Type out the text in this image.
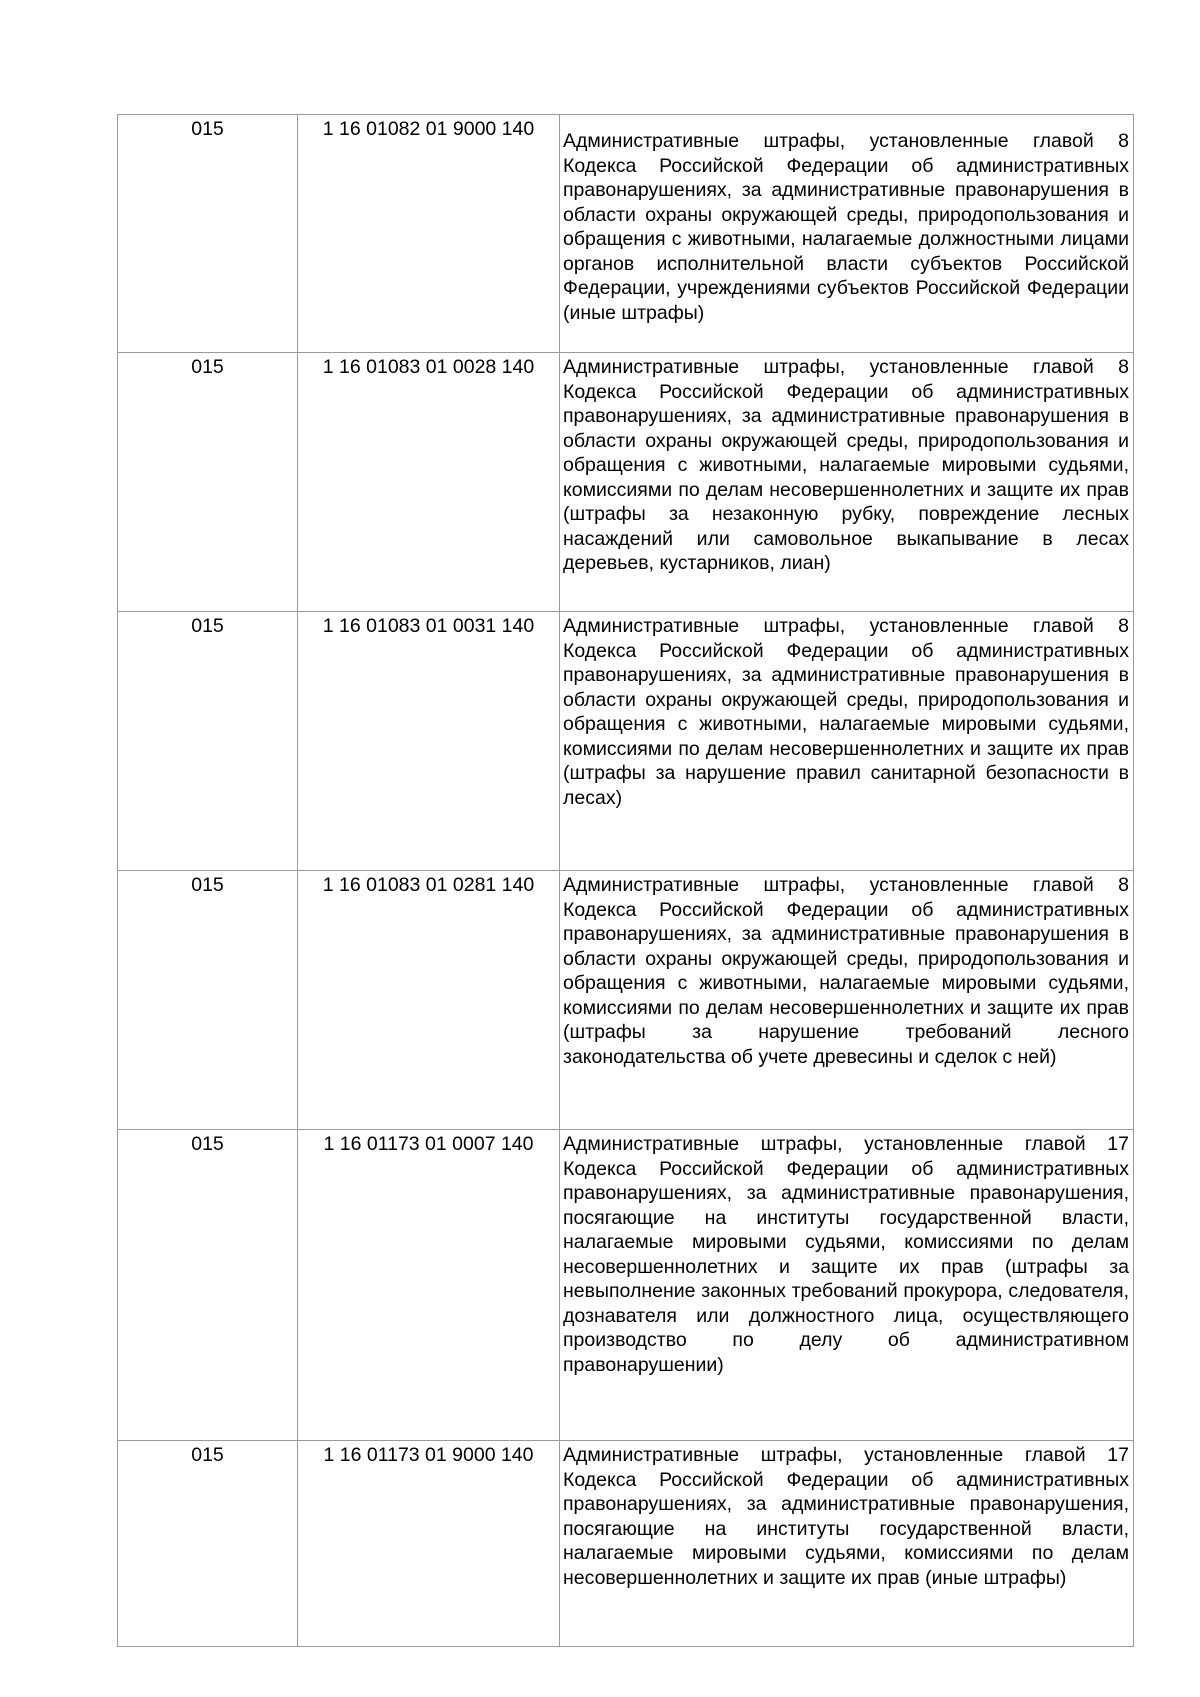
015	1 16 01082 01 9000 140	Административные штрафы, установленные главой 8 Кодекса Российской Федерации об административных правонарушениях, за административные правонарушения в области охраны окружающей среды, природопользования и обращения с животными, налагаемые должностными лицами органов исполнительной власти субъектов Российской Федерации, учреждениями субъектов Российской Федерации (иные штрафы)

015	1 16 01083 01 0028 140	Административные штрафы, установленные главой 8 Кодекса Российской Федерации об административных правонарушениях, за административные правонарушения в области охраны окружающей среды, природопользования и обращения с животными, налагаемые мировыми судьями, комиссиями по делам несовершеннолетних и защите их прав (штрафы за незаконную рубку, повреждение лесных насаждений или самовольное выкапывание в лесах деревьев, кустарников, лиан)

015	1 16 01083 01 0031 140	Административные штрафы, установленные главой 8 Кодекса Российской Федерации об административных правонарушениях, за административные правонарушения в области охраны окружающей среды, природопользования и обращения с животными, налагаемые мировыми судьями, комиссиями по делам несовершеннолетних и защите их прав (штрафы за нарушение правил санитарной безопасности в лесах)

015	1 16 01083 01 0281 140	Административные штрафы, установленные главой 8 Кодекса Российской Федерации об административных правонарушениях, за административные правонарушения в области охраны окружающей среды, природопользования и обращения с животными, налагаемые мировыми судьями, комиссиями по делам несовершеннолетних и защите их прав (штрафы за нарушение требований лесного законодательства об учете древесины и сделок с ней)

015	1 16 01173 01 0007 140	Административные штрафы, установленные главой 17 Кодекса Российской Федерации об административных правонарушениях, за административные правонарушения, посягающие на институты государственной власти, налагаемые мировыми судьями, комиссиями по делам несовершеннолетних и защите их прав (штрафы за невыполнение законных требований прокурора, следователя, дознавателя или должностного лица, осуществляющего производство по делу об административном правонарушении)

015	1 16 01173 01 9000 140	Административные штрафы, установленные главой 17 Кодекса Российской Федерации об административных правонарушениях, за административные правонарушения, посягающие на институты государственной власти, налагаемые мировыми судьями, комиссиями по делам несовершеннолетних и защите их прав (иные штрафы)
